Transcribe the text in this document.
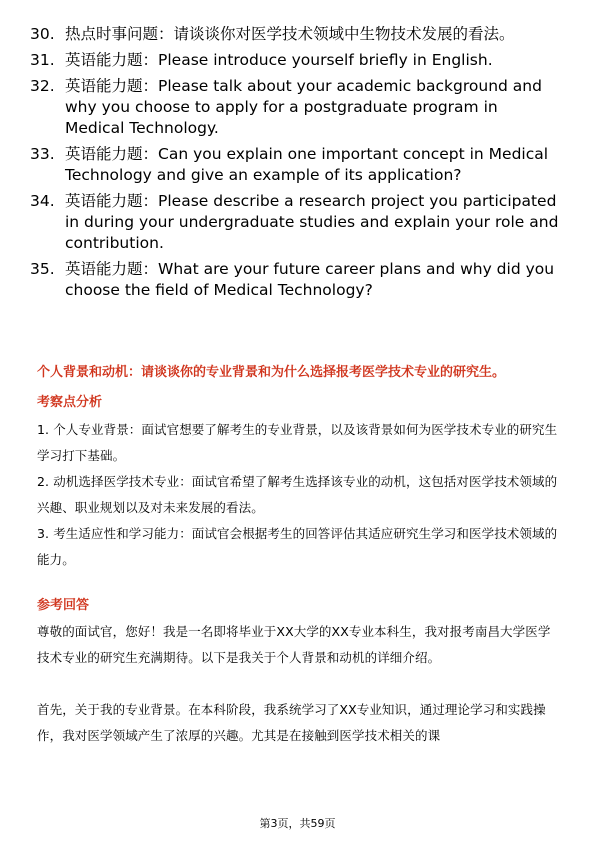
30. 热点时事问题：请谈谈你对医学技术领域中生物技术发展的看法。
31. 英语能力题：Please introduce yourself briefly in English.
32. 英语能力题：Please talk about your academic background and why you choose to apply for a postgraduate program in Medical Technology.
33. 英语能力题：Can you explain one important concept in Medical Technology and give an example of its application?
34. 英语能力题：Please describe a research project you participated in during your undergraduate studies and explain your role and contribution.
35. 英语能力题：What are your future career plans and why did you choose the field of Medical Technology?
个人背景和动机：请谈谈你的专业背景和为什么选择报考医学技术专业的研究生。
考察点分析

1. 个人专业背景：面试官想要了解考生的专业背景，以及该背景如何为医学技术专业的研究生学习打下基础。

2. 动机选择医学技术专业：面试官希望了解考生选择该专业的动机，这包括对医学技术领域的兴趣、职业规划以及对未来发展的看法。

3. 考生适应性和学习能力：面试官会根据考生的回答评估其适应研究生学习和医学技术领域的能力。

参考回答

尊敬的面试官，您好！我是一名即将毕业于XX大学的XX专业本科生，我对报考南昌大学医学技术专业的研究生充满期待。以下是我关于个人背景和动机的详细介绍。

首先，关于我的专业背景。在本科阶段，我系统学习了XX专业知识，通过理论学习和实践操作，我对医学领域产生了浓厚的兴趣。尤其是在接触到医学技术相关的课

第3页，共59页
